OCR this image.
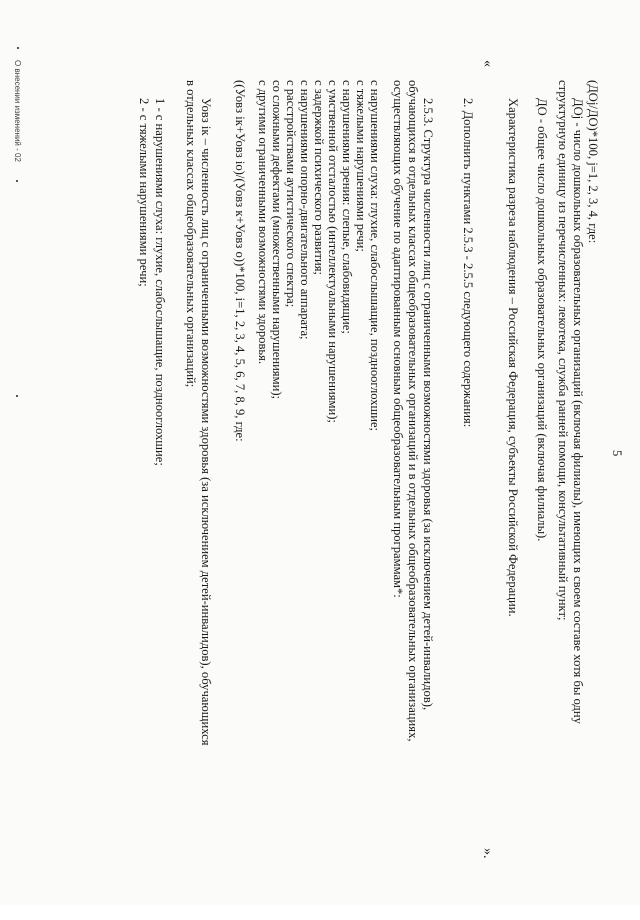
О внесении изменений - 02
5
(ДОj/ДО)*100, j=1, 2, 3, 4, где:
ДОj - число дошкольных образовательных организаций (включая филиалы), имеющих в своем составе хотя бы одну
структурную единицу из перечисленных: лекотека, служба ранней помощи, консультативный пункт;
ДО - общее число дошкольных образовательных организаций (включая филиалы).
Характеристика разреза наблюдения – Российская Федерация, субъекты Российской Федерации.
«
2. Дополнить пунктами 2.5.3 - 2.5.5 следующего содержания:
2.5.3. Структура численности лиц с ограниченными возможностями здоровья (за исключением детей-инвалидов),
обучающихся в отдельных классах общеобразовательных организаций и в отдельных общеобразовательных организациях,
осуществляющих обучение по адаптированным основным общеобразовательным программам*:
с нарушениями слуха: глухие, слабослышащие, позднооглохшие;
с тяжелыми нарушениями речи;
с нарушениями зрения: слепые, слабовидящие;
с умственной отсталостью (интеллектуальными нарушениями);
с задержкой психического развития;
с нарушениями опорно-двигательного аппарата;
с расстройствами аутистического спектра;
со сложными дефектами (множественными нарушениями);
с другими ограниченными возможностями здоровья.
((Уовз iк+Уовз iо)/(Уовз к+Уовз о))*100, i=1, 2, 3, 4, 5, 6, 7, 8, 9, где:
Уовз iк – численность лиц с ограниченными возможностями здоровья (за исключением детей-инвалидов), обучающихся
в отдельных классах общеобразовательных организаций;
1 - с нарушениями слуха: глухие, слабослышащие, позднооглохшие;
2 - с тяжелыми нарушениями речи;
».
